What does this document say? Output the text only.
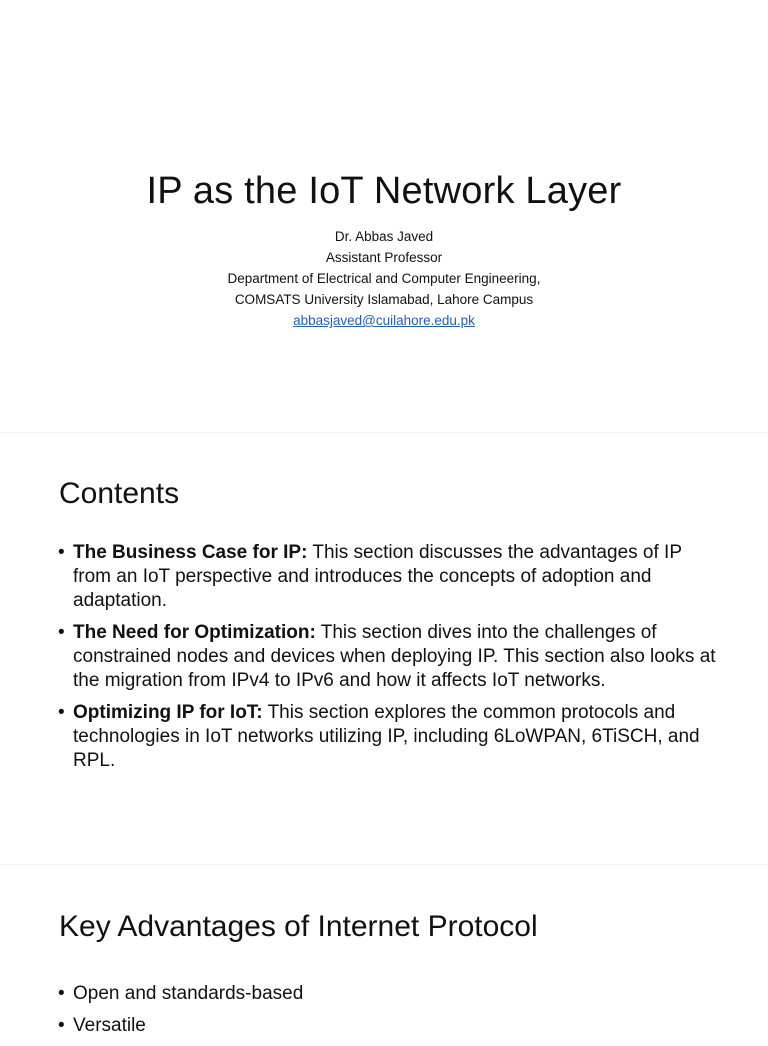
IP as the IoT Network Layer
Dr. Abbas Javed
Assistant Professor
Department of Electrical and Computer Engineering,
COMSATS University Islamabad, Lahore Campus
abbasjaved@cuilahore.edu.pk
Contents
• The Business Case for IP: This section discusses the advantages of IP from an IoT perspective and introduces the concepts of adoption and adaptation.
• The Need for Optimization: This section dives into the challenges of constrained nodes and devices when deploying IP. This section also looks at the migration from IPv4 to IPv6 and how it affects IoT networks.
• Optimizing IP for IoT: This section explores the common protocols and technologies in IoT networks utilizing IP, including 6LoWPAN, 6TiSCH, and RPL.
Key Advantages of Internet Protocol
• Open and standards-based
• Versatile
